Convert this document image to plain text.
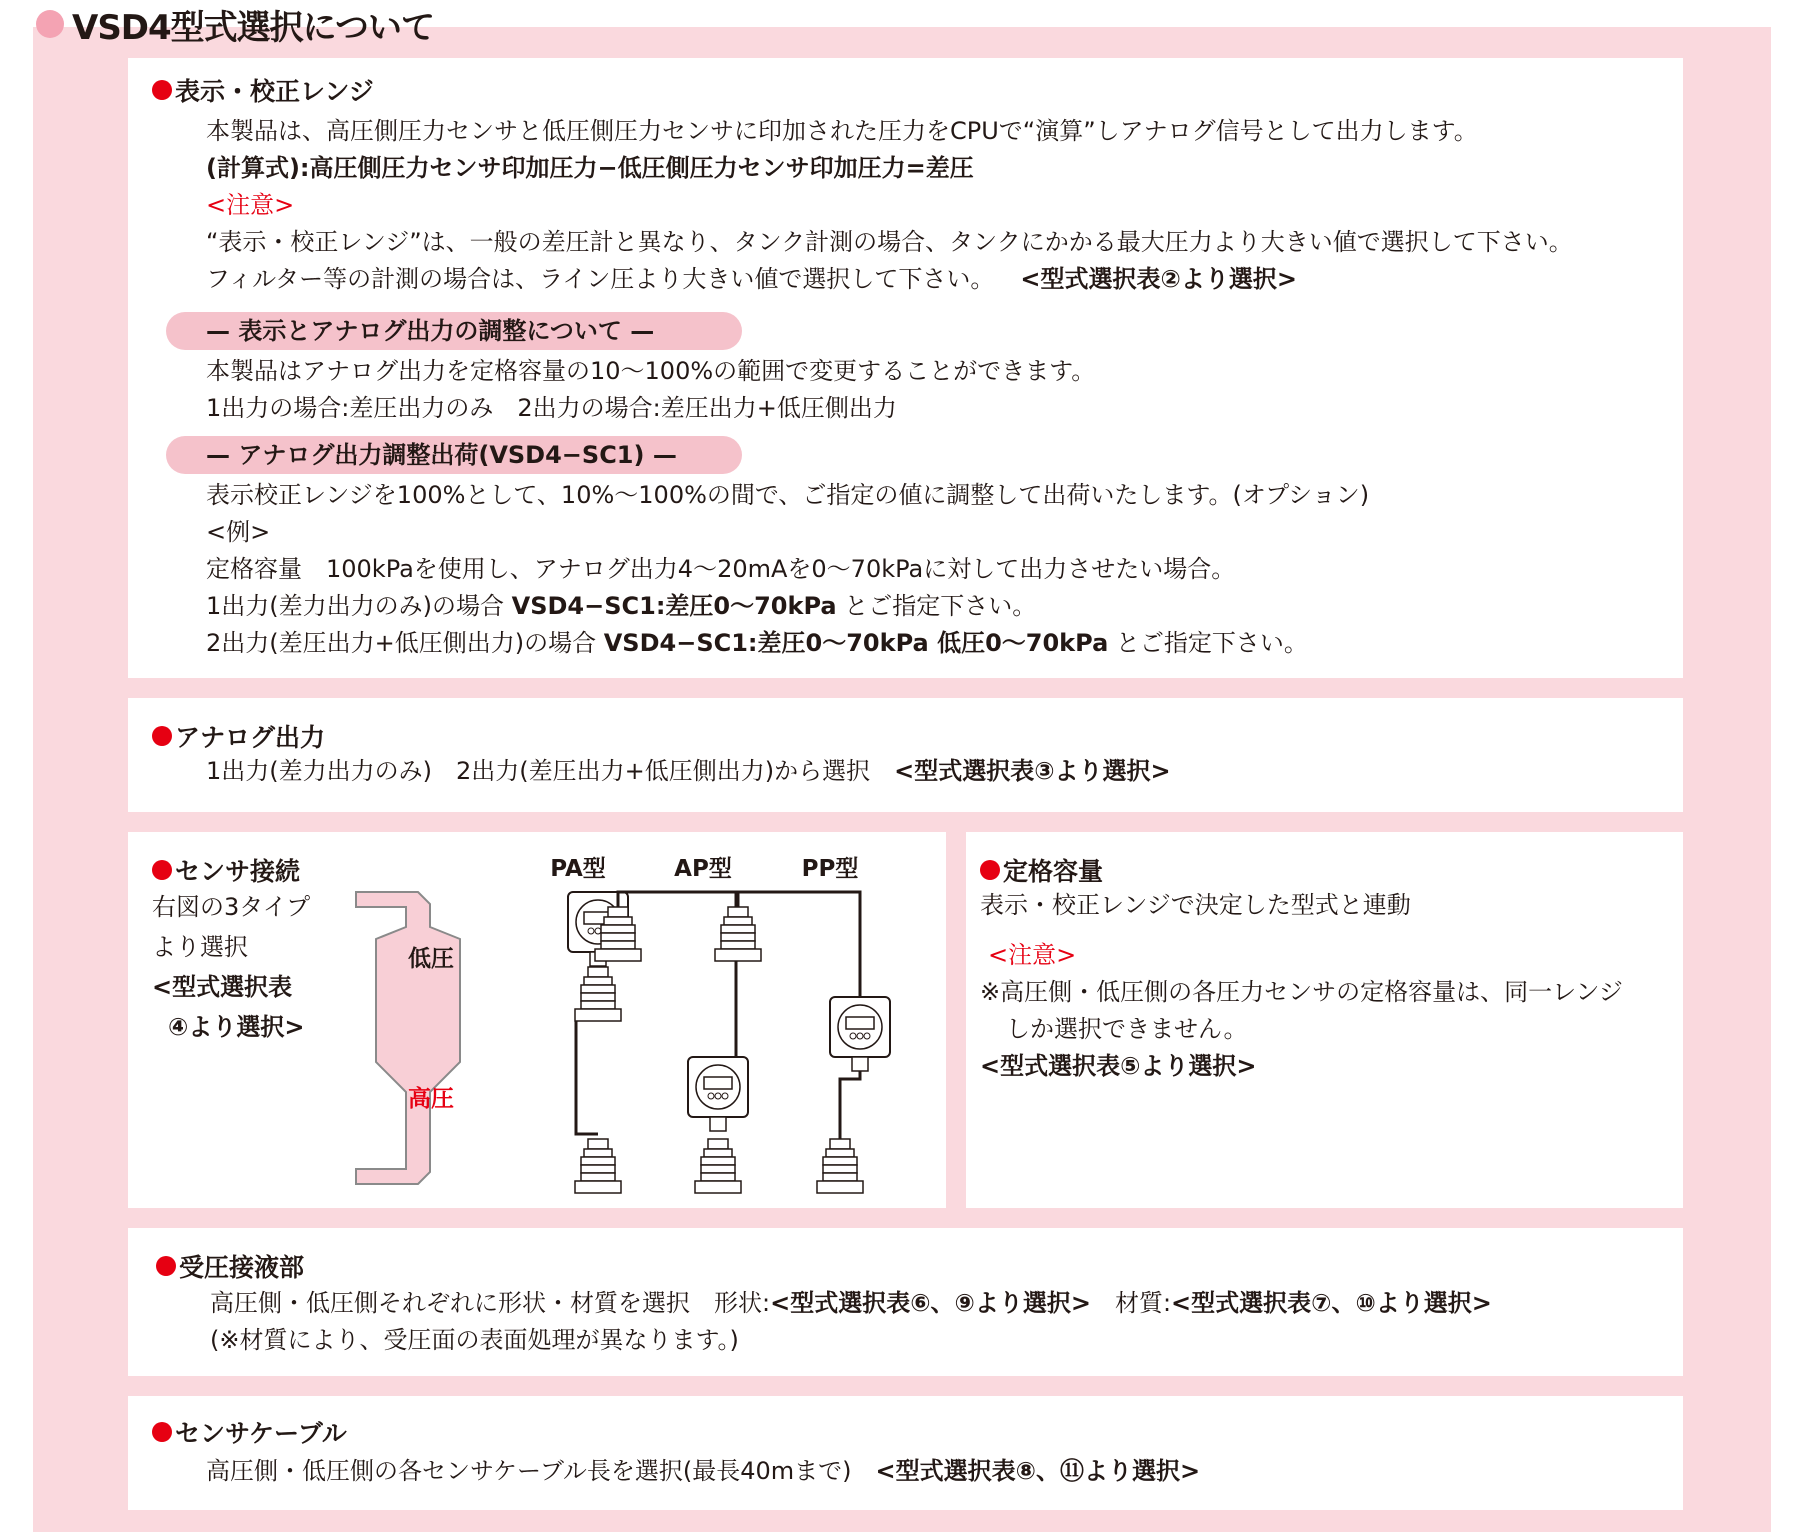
VSD4型式選択について
表示・校正レンジ
本製品は、高圧側圧力センサと低圧側圧力センサに印加された圧力をCPUで“演算”しアナログ信号として出力します。
(計算式):高圧側圧力センサ印加圧力−低圧側圧力センサ印加圧力=差圧
<注意>
“表示・校正レンジ”は、一般の差圧計と異なり、タンク計測の場合、タンクにかかる最大圧力より大きい値で選択して下さい。
フィルター等の計測の場合は、ライン圧より大きい値で選択して下さい。 <型式選択表②より選択>
— 表示とアナログ出力の調整について —
本製品はアナログ出力を定格容量の10～100%の範囲で変更することができます。
1出力の場合:差圧出力のみ　2出力の場合:差圧出力+低圧側出力
— アナログ出力調整出荷(VSD4−SC1) —
表示校正レンジを100%として、10%～100%の間で、ご指定の値に調整して出荷いたします。(オプション)
<例>
定格容量　100kPaを使用し、アナログ出力4～20mAを0～70kPaに対して出力させたい場合。
1出力(差力出力のみ)の場合 VSD4−SC1:差圧0～70kPa とご指定下さい。
2出力(差圧出力+低圧側出力)の場合 VSD4−SC1:差圧0～70kPa 低圧0～70kPa とご指定下さい。
アナログ出力
1出力(差力出力のみ)　2出力(差圧出力+低圧側出力)から選択　<型式選択表③より選択>
センサ接続
右図の3タイプ
より選択
<型式選択表
④より選択>
低圧
高圧
PA型	AP型	PP型	定格容量
表示・校正レンジで決定した型式と連動
<注意>
※高圧側・低圧側の各圧力センサの定格容量は、同一レンジ
しか選択できません。
<型式選択表⑤より選択>
受圧接液部
高圧側・低圧側それぞれに形状・材質を選択　形状:<型式選択表⑥、⑨より選択>　材質:<型式選択表⑦、⑩より選択>
(※材質により、受圧面の表面処理が異なります。)
センサケーブル
高圧側・低圧側の各センサケーブル長を選択(最長40mまで)　<型式選択表⑧、⑪より選択>
